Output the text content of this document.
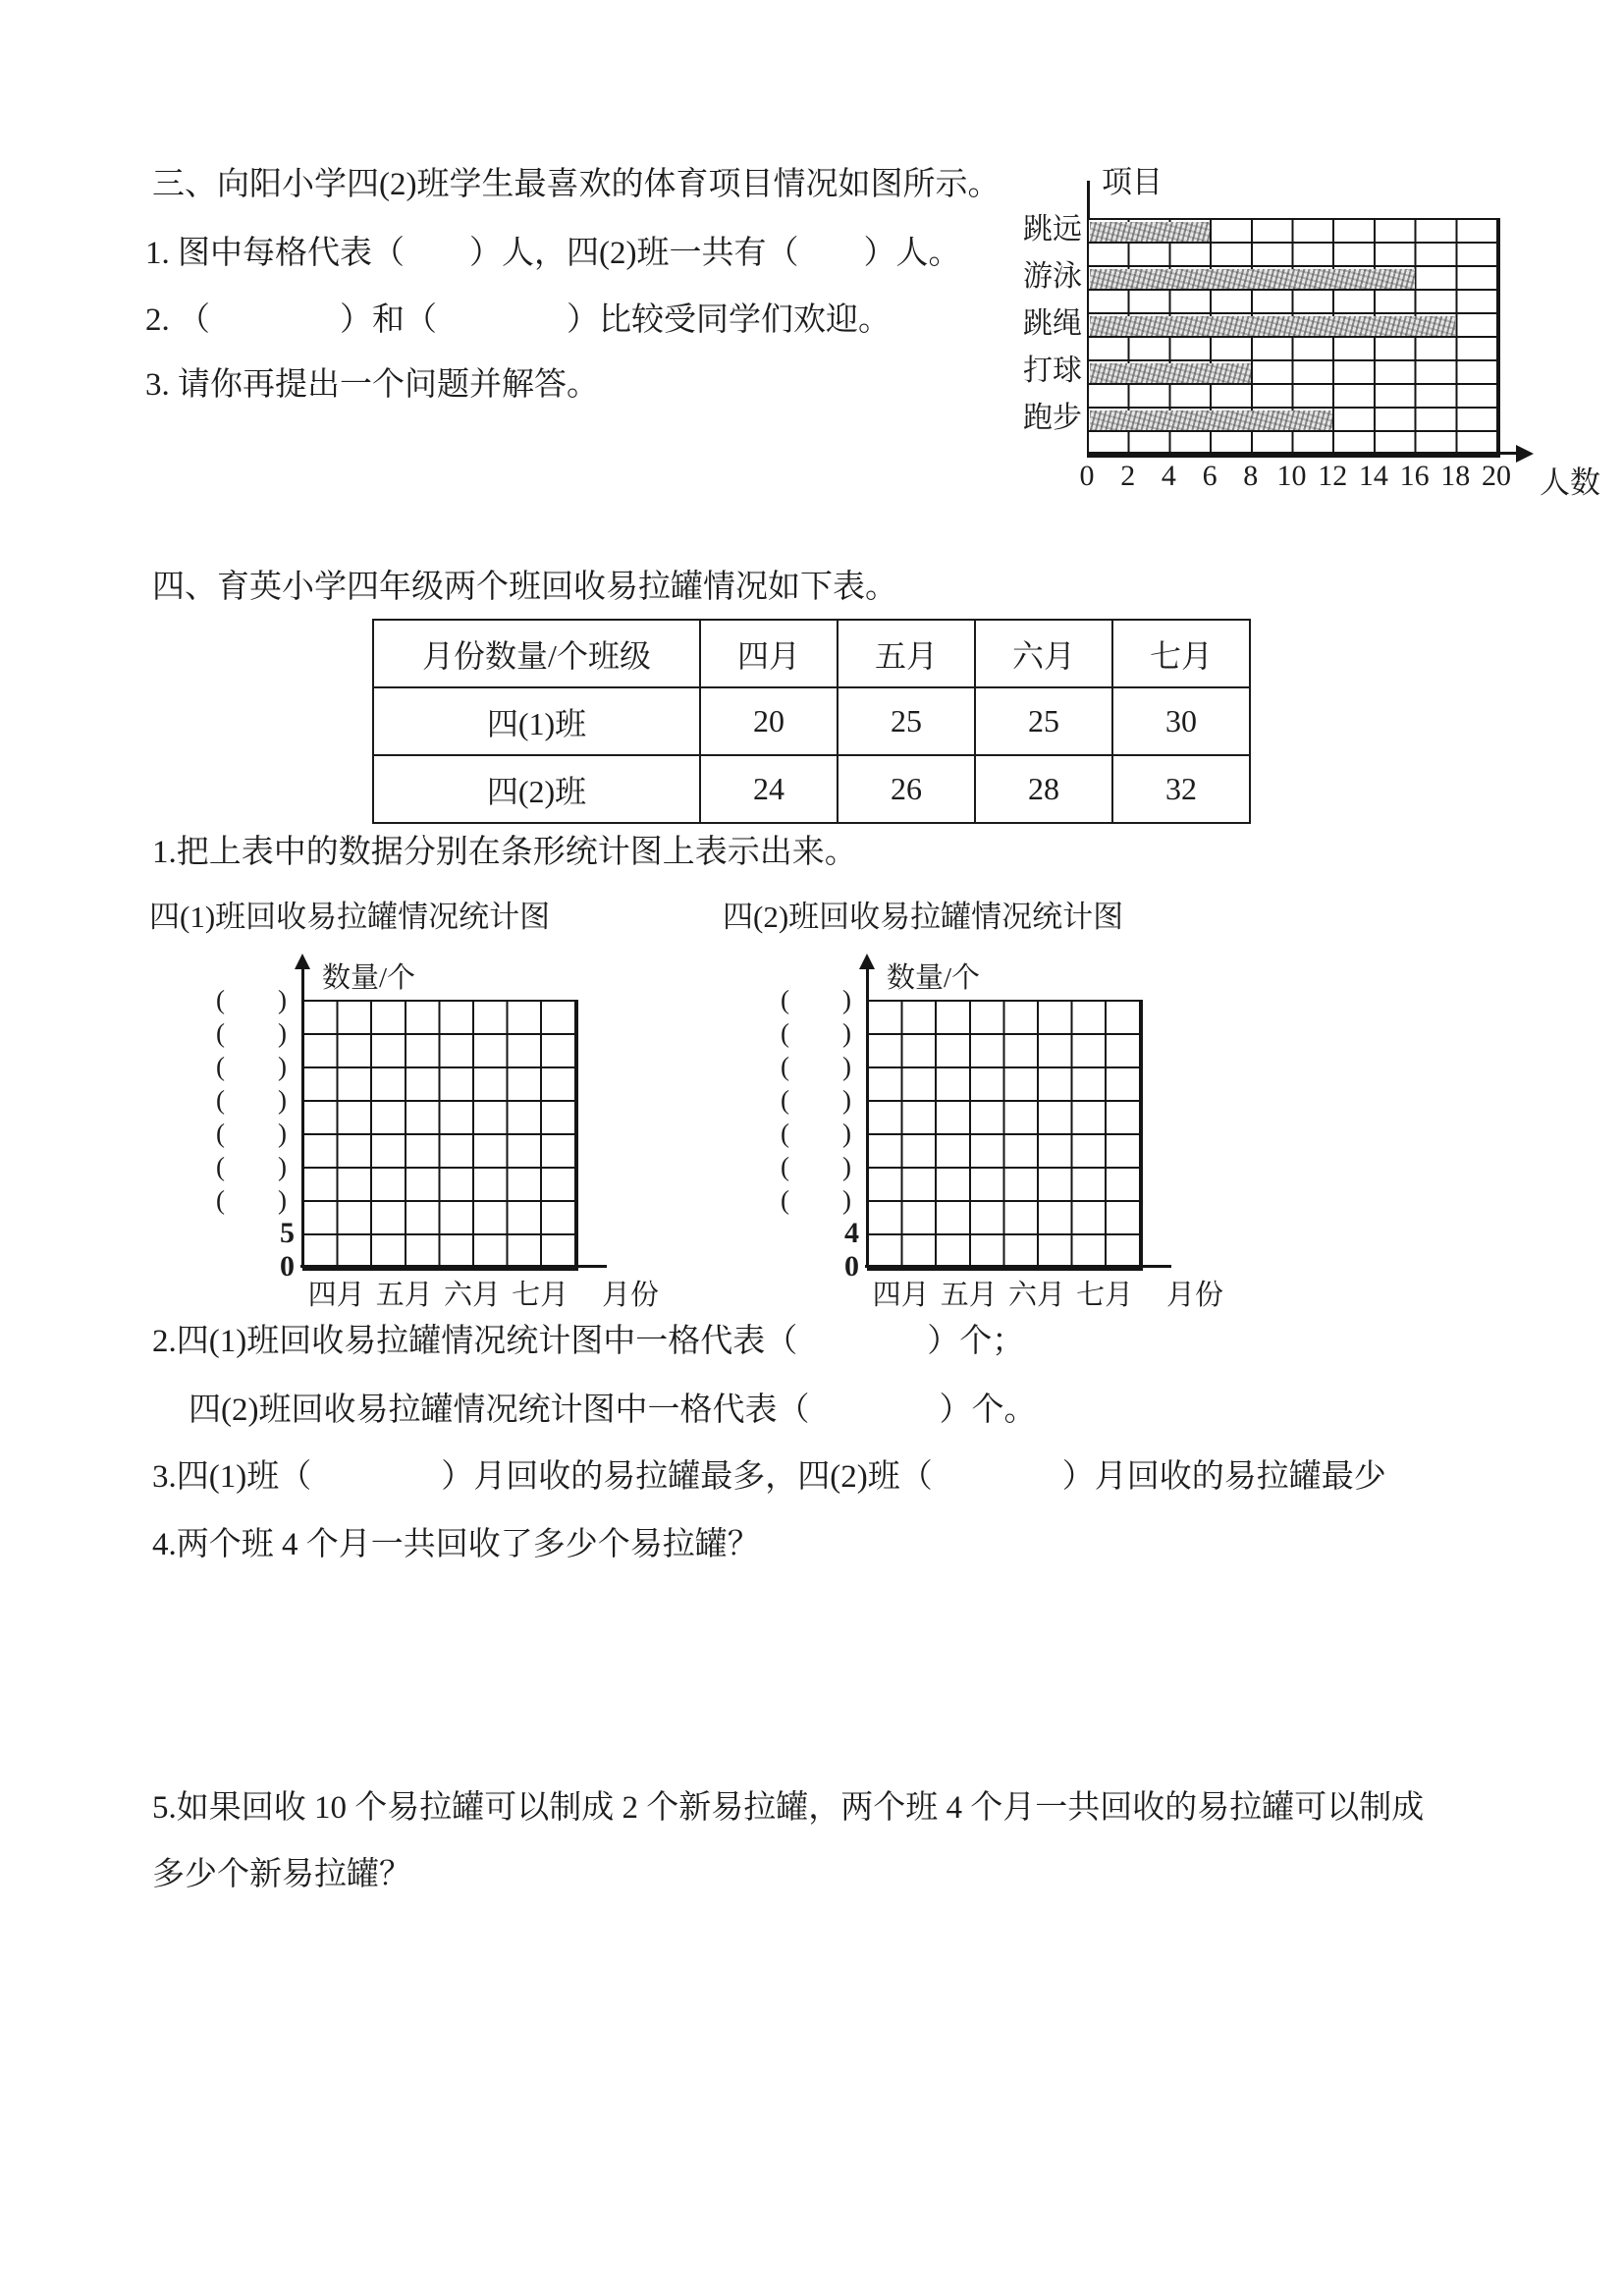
三、向阳小学四(2)班学生最喜欢的体育项目情况如图所示。
1. 图中每格代表（　　）人，四(2)班一共有（　　）人。
2. （　　　　）和（　　　　）比较受同学们欢迎。
3. 请你再提出一个问题并解答。
项目
人数
跳远
游泳
跳绳
打球
跑步
0 2 4 6 8 10 12 14 16 18 20
四、育英小学四年级两个班回收易拉罐情况如下表。
月份数量/个班级	四月	五月	六月	七月
四(1)班	20	25	25	30
四(2)班	24	26	28	32
1.把上表中的数据分别在条形统计图上表示出来。
四(1)班回收易拉罐情况统计图	四(2)班回收易拉罐情况统计图
数量/个
月份
(        )
(        )
(        )
(        )
(        )
(        )
(        )
5
0
四月 五月 六月 七月
数量/个
月份
(        )
(        )
(        )
(        )
(        )
(        )
(        )
4
0
四月 五月 六月 七月
2.四(1)班回收易拉罐情况统计图中一格代表（　　　　）个；
四(2)班回收易拉罐情况统计图中一格代表（　　　　）个。
3.四(1)班（　　　　）月回收的易拉罐最多，四(2)班（　　　　）月回收的易拉罐最少
4.两个班 4 个月一共回收了多少个易拉罐？
5.如果回收 10 个易拉罐可以制成 2 个新易拉罐，两个班 4 个月一共回收的易拉罐可以制成
多少个新易拉罐？
